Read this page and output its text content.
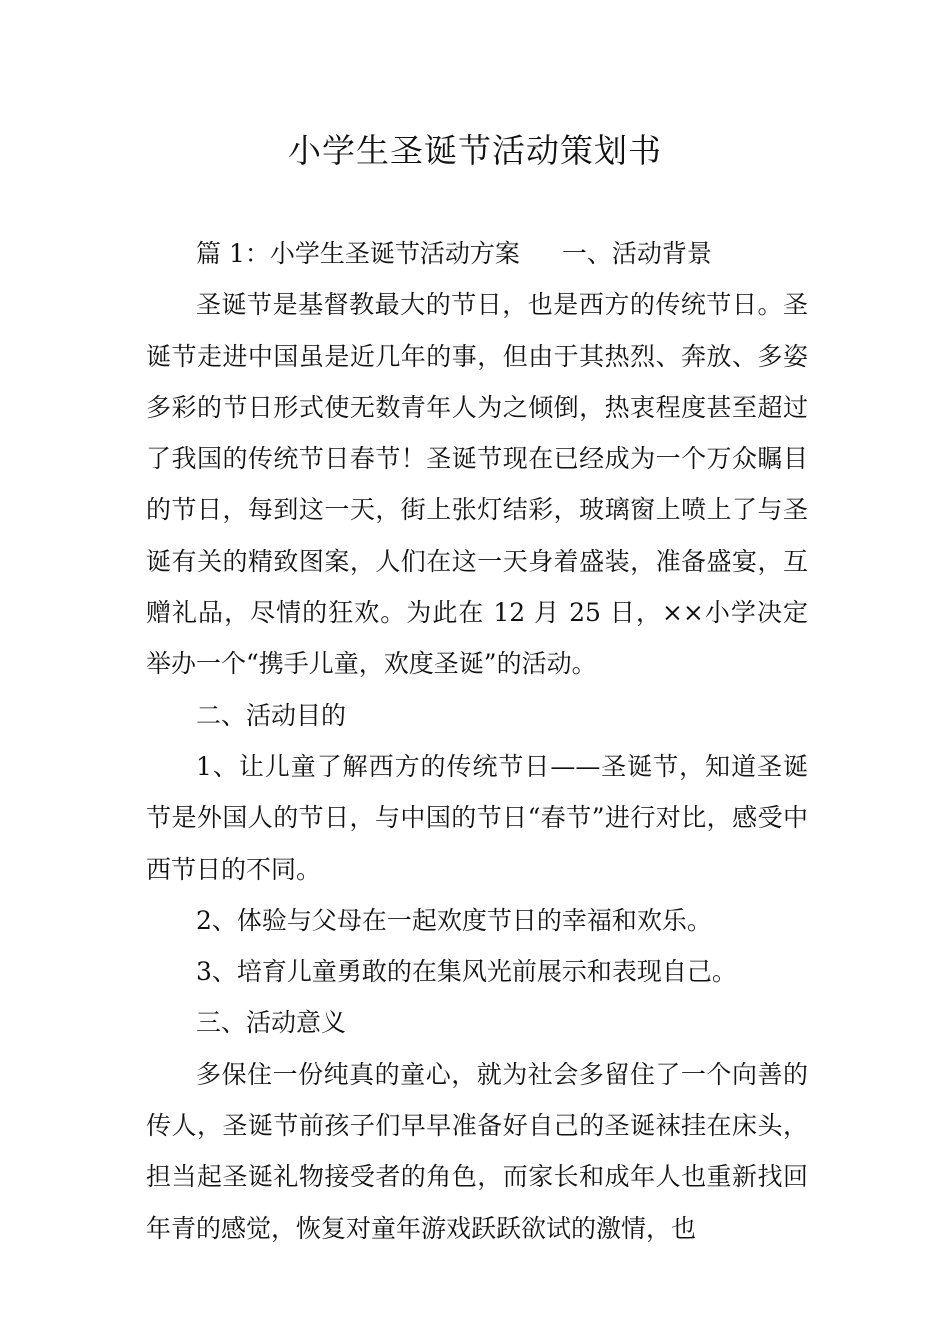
小学生圣诞节活动策划书

篇 1：小学生圣诞节活动方案 一、活动背景

圣诞节是基督教最大的节日，也是西方的传统节日。圣诞节走进中国虽是近几年的事，但由于其热烈、奔放、多姿多彩的节日形式使无数青年人为之倾倒，热衷程度甚至超过了我国的传统节日春节！圣诞节现在已经成为一个万众瞩目的节日，每到这一天，街上张灯结彩，玻璃窗上喷上了与圣诞有关的精致图案，人们在这一天身着盛装，准备盛宴，互赠礼品，尽情的狂欢。为此在 12 月 25 日，××小学决定举办一个“携手儿童，欢度圣诞”的活动。

二、活动目的

1、让儿童了解西方的传统节日——圣诞节，知道圣诞节是外国人的节日，与中国的节日“春节”进行对比，感受中西节日的不同。

2、体验与父母在一起欢度节日的幸福和欢乐。

3、培育儿童勇敢的在集风光前展示和表现自己。

三、活动意义

多保住一份纯真的童心，就为社会多留住了一个向善的传人，圣诞节前孩子们早早准备好自己的圣诞袜挂在床头，担当起圣诞礼物接受者的角色，而家长和成年人也重新找回年青的感觉，恢复对童年游戏跃跃欲试的激情，也
